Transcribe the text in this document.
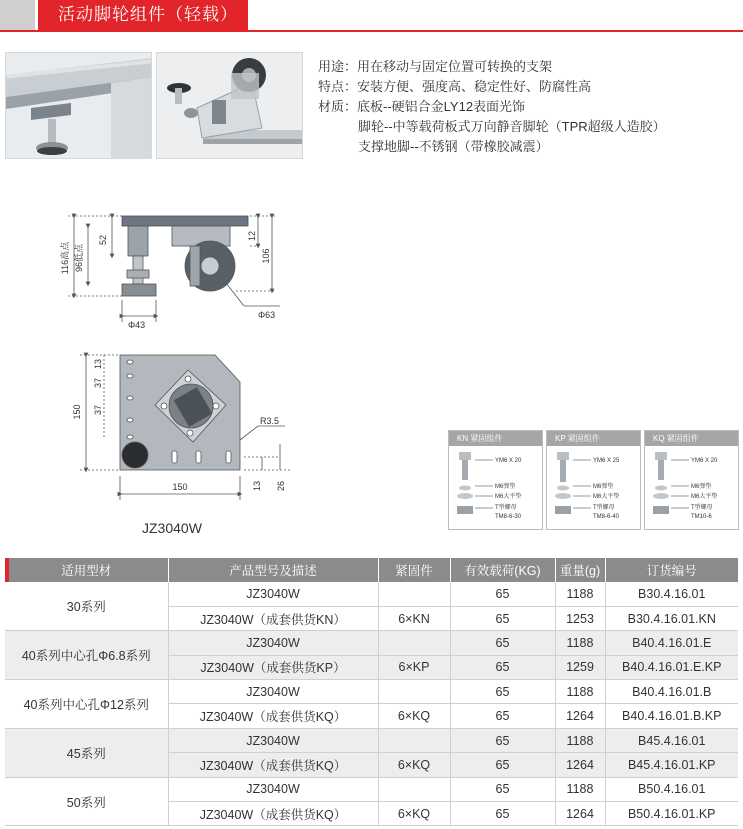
活动脚轮组件（轻载）
用途：用在移动与固定位置可转换的支架
特点：安装方便、强度高、稳定性好、防腐性高
材质：底板--硬铝合金LY12表面光饰
脚轮--中等载荷板式万向静音脚轮（TPR超级人造胶）
支撑地脚--不锈钢（带橡胶减震）
116高点 96低点
52	12
106
Φ63
Φ43
13
37
37
150
R3.5
13 26
150
JZ3040W
KN 紧固组件
YM6 X 20
M6弹垫
M6大平垫
T型螺母
TM8-6-30
KP 紧固组件
YM6 X 25
M6弹垫
M6大平垫
T型螺母
TM8-6-40
KQ 紧固组件
YM6 X 20
M6弹垫
M6大平垫
T型螺母
TM10-6
适用型材	产品型号及描述	紧固件	有效载荷(KG)	重量(g)	订货编号
30系列	JZ3040W		65	1188	B30.4.16.01
	JZ3040W（成套供货KN）	6×KN	65	1253	B30.4.16.01.KN
40系列中心孔Φ6.8系列	JZ3040W		65	1188	B40.4.16.01.E
	JZ3040W（成套供货KP）	6×KP	65	1259	B40.4.16.01.E.KP
40系列中心孔Φ12系列	JZ3040W		65	1188	B40.4.16.01.B
	JZ3040W（成套供货KQ）	6×KQ	65	1264	B40.4.16.01.B.KP
45系列	JZ3040W		65	1188	B45.4.16.01
	JZ3040W（成套供货KQ）	6×KQ	65	1264	B45.4.16.01.KP
50系列	JZ3040W		65	1188	B50.4.16.01
	JZ3040W（成套供货KQ）	6×KQ	65	1264	B50.4.16.01.KP
